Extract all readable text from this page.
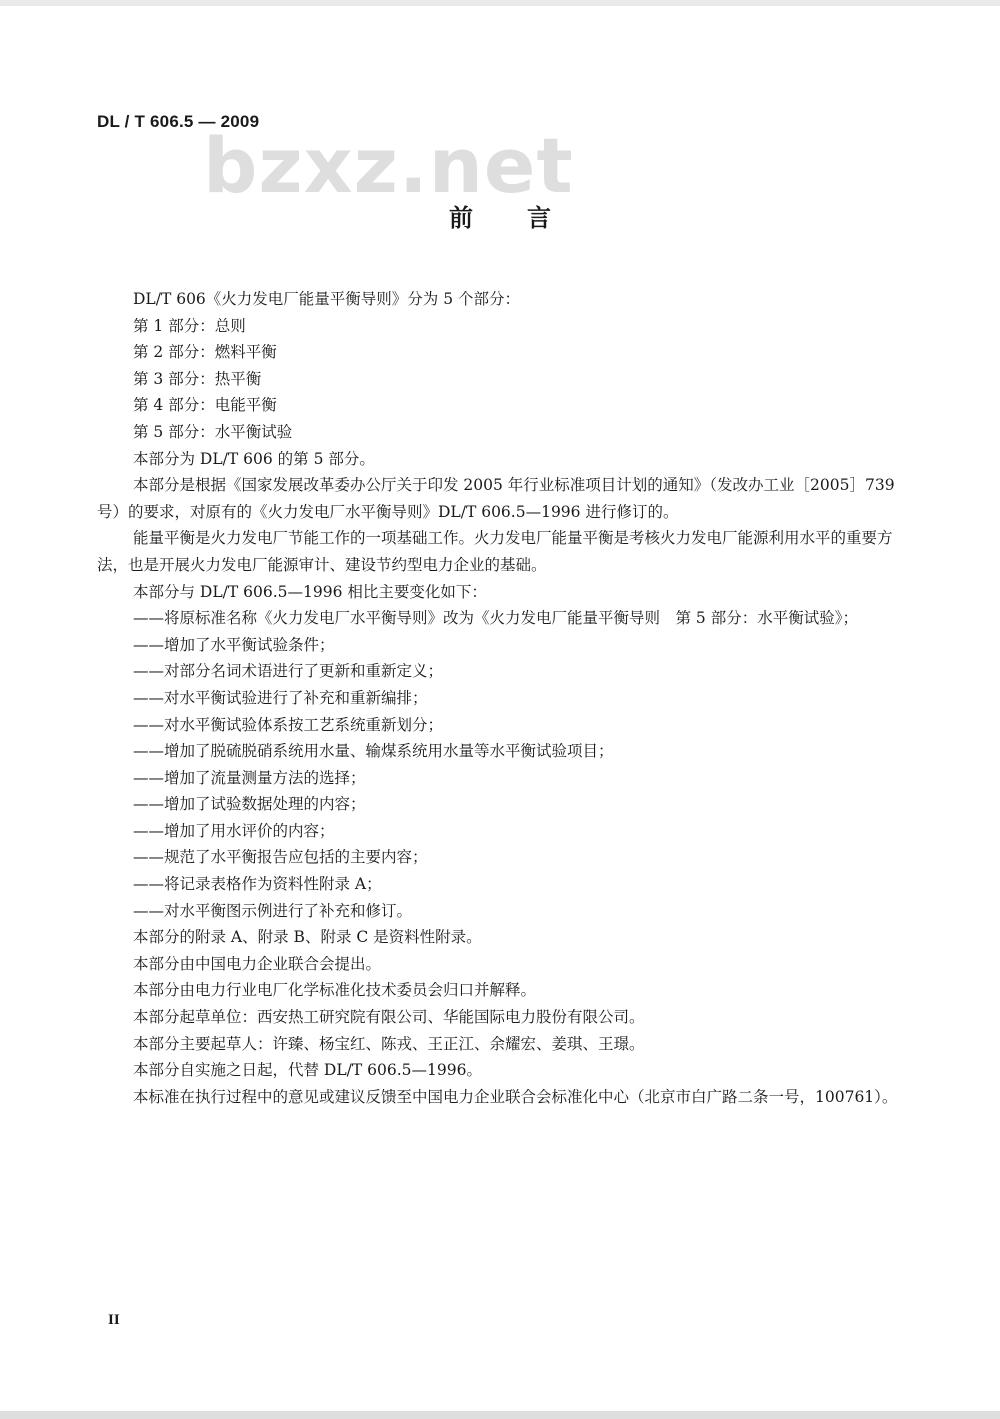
DL / T 606.5 — 2009
bzxz.net
前言

DL/T 606《火力发电厂能量平衡导则》分为 5 个部分：

第 1 部分：总则

第 2 部分：燃料平衡

第 3 部分：热平衡

第 4 部分：电能平衡

第 5 部分：水平衡试验

本部分为 DL/T 606 的第 5 部分。

本部分是根据《国家发展改革委办公厅关于印发 2005 年行业标准项目计划的通知》（发改办工业［2005］739 号）的要求，对原有的《火力发电厂水平衡导则》DL/T 606.5—1996 进行修订的。

能量平衡是火力发电厂节能工作的一项基础工作。火力发电厂能量平衡是考核火力发电厂能源利用水平的重要方法，也是开展火力发电厂能源审计、建设节约型电力企业的基础。

本部分与 DL/T 606.5—1996 相比主要变化如下：

——将原标准名称《火力发电厂水平衡导则》改为《火力发电厂能量平衡导则　第 5 部分：水平衡试验》；

——增加了水平衡试验条件；

——对部分名词术语进行了更新和重新定义；

——对水平衡试验进行了补充和重新编排；

——对水平衡试验体系按工艺系统重新划分；

——增加了脱硫脱硝系统用水量、输煤系统用水量等水平衡试验项目；

——增加了流量测量方法的选择；

——增加了试验数据处理的内容；

——增加了用水评价的内容；

——规范了水平衡报告应包括的主要内容；

——将记录表格作为资料性附录 A；

——对水平衡图示例进行了补充和修订。

本部分的附录 A、附录 B、附录 C 是资料性附录。

本部分由中国电力企业联合会提出。

本部分由电力行业电厂化学标准化技术委员会归口并解释。

本部分起草单位：西安热工研究院有限公司、华能国际电力股份有限公司。

本部分主要起草人：许臻、杨宝红、陈戎、王正江、余耀宏、姜琪、王璟。

本部分自实施之日起，代替 DL/T 606.5—1996。

本标准在执行过程中的意见或建议反馈至中国电力企业联合会标准化中心（北京市白广路二条一号，100761）。

II
